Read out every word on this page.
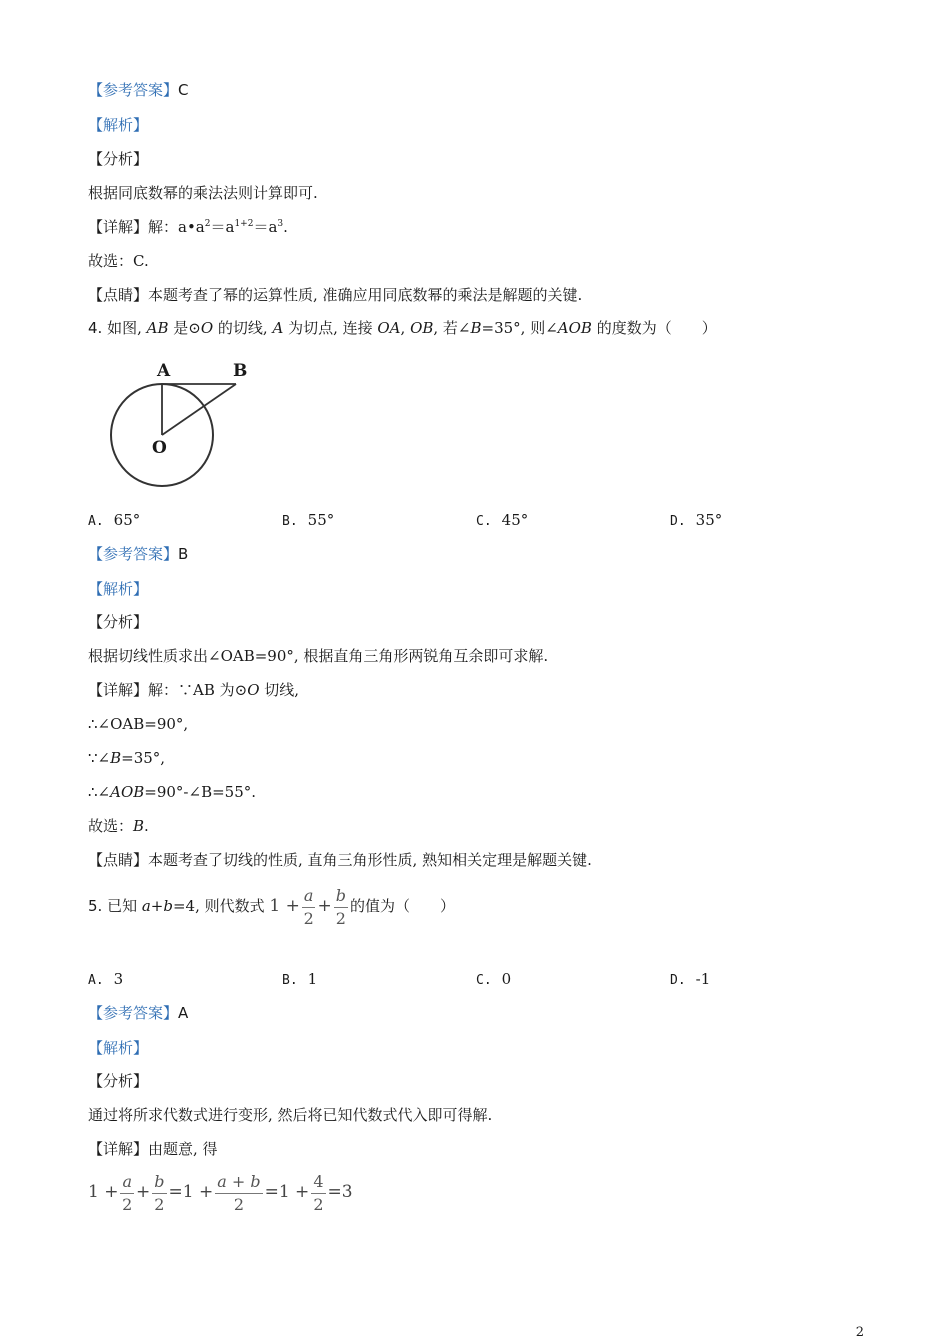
【参考答案】C
【解析】
【分析】
根据同底数幂的乘法法则计算即可.
【详解】解：$a•a^2=a^{1+2}=a^3$.
故选：C.
【点睛】本题考查了幂的运算性质, 准确应用同底数幂的乘法是解题的关键.
4. 如图, AB 是⊙O 的切线, A 为切点, 连接 OA, OB, 若∠B=35°, 则∠AOB 的度数为（　　）
A	B
O
A. 65°	B. 55°	C. 45°	D. 35°
【参考答案】B
【解析】
【分析】
根据切线性质求出∠OAB=90°, 根据直角三角形两锐角互余即可求解.
【详解】解：∵AB 为⊙O 切线,
∴∠OAB=90°,
∵∠B=35°,
∴∠AOB=90°-∠B=55°.
故选：B.
【点睛】本题考查了切线的性质, 直角三角形性质, 熟知相关定理是解题关键.
5. 已知 a+b=4, 则代数式 $1 + \frac{a}{2} + \frac{b}{2}$ 的值为（　　）
A. 3	B. 1	C. 0	D. -1
【参考答案】A
【解析】
【分析】
通过将所求代数式进行变形, 然后将已知代数式代入即可得解.
【详解】由题意, 得
$1 + \frac{a}{2} + \frac{b}{2} =1 + \frac{a + b}{2} =1 + \frac{4}{2} =3$
2
